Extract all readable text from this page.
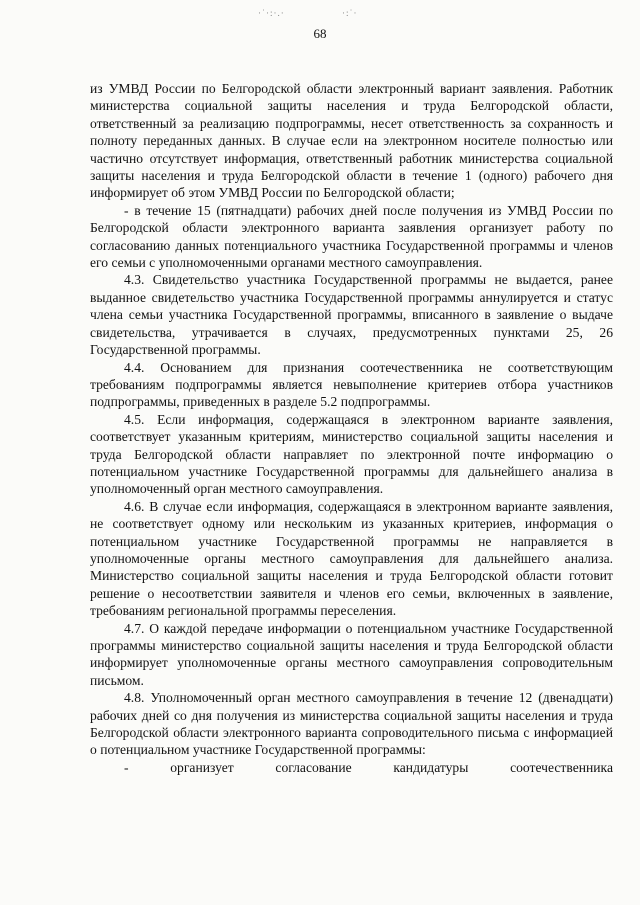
·˙·:·.·	·:˙·
68

из УМВД России по Белгородской области электронный вариант заявления. Работник министерства социальной защиты населения и труда Белгородской области, ответственный за реализацию подпрограммы, несет ответственность за сохранность и полноту переданных данных. В случае если на электронном носителе полностью или частично отсутствует информация, ответственный работник министерства социальной защиты населения и труда Белгородской области в течение 1 (одного) рабочего дня информирует об этом УМВД России по Белгородской области;

- в течение 15 (пятнадцати) рабочих дней после получения из УМВД России по Белгородской области электронного варианта заявления организует работу по согласованию данных потенциального участника Государственной программы и членов его семьи с уполномоченными органами местного самоуправления.

4.3. Свидетельство участника Государственной программы не выдается, ранее выданное свидетельство участника Государственной программы аннулируется и статус члена семьи участника Государственной программы, вписанного в заявление о выдаче свидетельства, утрачивается в случаях, предусмотренных пунктами 25, 26 Государственной программы.

4.4. Основанием для признания соотечественника не соответствующим требованиям подпрограммы является невыполнение критериев отбора участников подпрограммы, приведенных в разделе 5.2 подпрограммы.

4.5. Если информация, содержащаяся в электронном варианте заявления, соответствует указанным критериям, министерство социальной защиты населения и труда Белгородской области направляет по электронной почте информацию о потенциальном участнике Государственной программы для дальнейшего анализа в уполномоченный орган местного самоуправления.

4.6. В случае если информация, содержащаяся в электронном варианте заявления, не соответствует одному или нескольким из указанных критериев, информация о потенциальном участнике Государственной программы не направляется в уполномоченные органы местного самоуправления для дальнейшего анализа. Министерство социальной защиты населения и труда Белгородской области готовит решение о несоответствии заявителя и членов его семьи, включенных в заявление, требованиям региональной программы переселения.

4.7. О каждой передаче информации о потенциальном участнике Государственной программы министерство социальной защиты населения и труда Белгородской области информирует уполномоченные органы местного самоуправления сопроводительным письмом.

4.8. Уполномоченный орган местного самоуправления в течение 12 (двенадцати) рабочих дней со дня получения из министерства социальной защиты населения и труда Белгородской области электронного варианта сопроводительного письма с информацией о потенциальном участнике Государственной программы:

- организует согласование кандидатуры соотечественника
